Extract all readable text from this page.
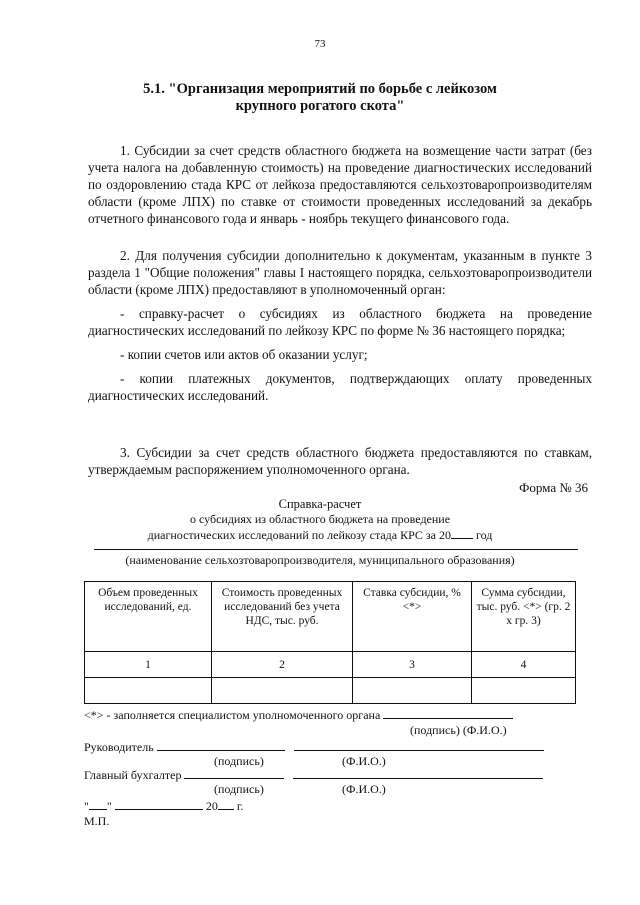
73
5.1. "Организация мероприятий по борьбе с лейкозом
крупного рогатого скота"

1. Субсидии за счет средств областного бюджета на возмещение части затрат (без учета налога на добавленную стоимость) на проведение диагностических исследований по оздоровлению стада КРС от лейкоза предоставляются сельхозтоваропроизводителям области (кроме ЛПХ) по ставке от стоимости проведенных исследований за декабрь отчетного финансового года и январь - ноябрь текущего финансового года.

2. Для получения субсидии дополнительно к документам, указанным в пункте 3 раздела 1 "Общие положения" главы I настоящего порядка, сельхозтоваропроизводители области (кроме ЛПХ) предоставляют в уполномоченный орган:

- справку-расчет о субсидиях из областного бюджета на проведение диагностических исследований по лейкозу КРС по форме № 36 настоящего порядка;

- копии счетов или актов об оказании услуг;

- копии платежных документов, подтверждающих оплату проведенных диагностических исследований.

3. Субсидии за счет средств областного бюджета предоставляются по ставкам, утверждаемым распоряжением уполномоченного органа.

Форма № 36
Справка-расчет
о субсидиях из областного бюджета на проведение
диагностических исследований по лейкозу стада КРС за 20 год
(наименование сельхозтоваропроизводителя, муниципального образования)
Объем проведенных исследований, ед.	Стоимость проведенных исследований без учета НДС, тыс. руб.	Ставка субсидии, % <*>	Сумма субсидии, тыс. руб. <*> (гр. 2 х гр. 3)
1	2	3	4

<*> - заполняется специалистом уполномоченного органа
(подпись) (Ф.И.О.)
Руководитель
(подпись)	(Ф.И.О.)
Главный бухгалтер
(подпись)	(Ф.И.О.)
" "	20 г.
М.П.
